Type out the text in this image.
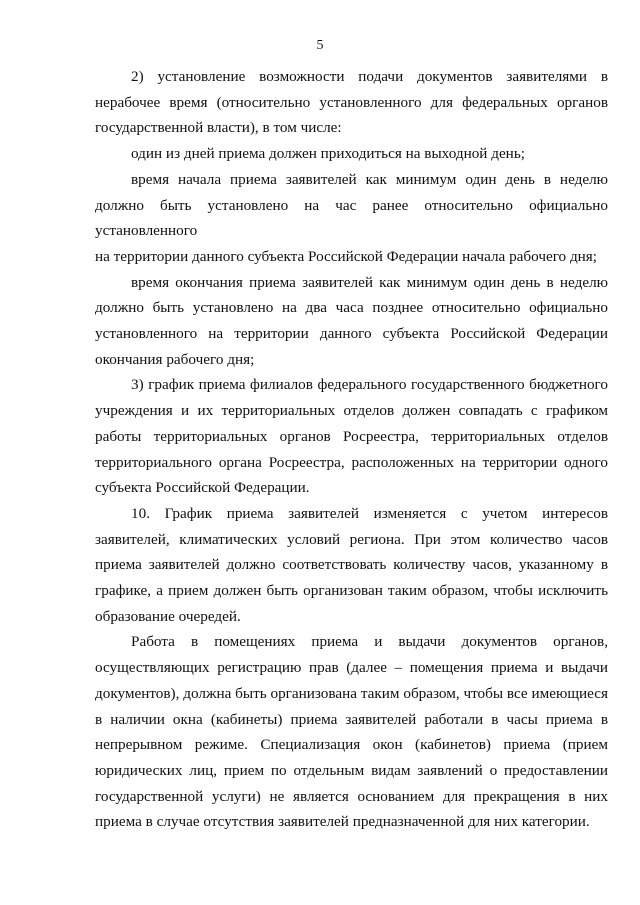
5

2) установление возможности подачи документов заявителями в нерабочее время (относительно установленного для федеральных органов государственной власти), в том числе:

один из дней приема должен приходиться на выходной день;

время начала приема заявителей как минимум один день в неделю должно быть установлено на час ранее относительно официально установленного

на территории данного субъекта Российской Федерации начала рабочего дня;

время окончания приема заявителей как минимум один день в неделю должно быть установлено на два часа позднее относительно официально установленного на территории данного субъекта Российской Федерации окончания рабочего дня;

3) график приема филиалов федерального государственного бюджетного учреждения и их территориальных отделов должен совпадать с графиком работы территориальных органов Росреестра, территориальных отделов территориального органа Росреестра, расположенных на территории одного субъекта Российской Федерации.

10. График приема заявителей изменяется с учетом интересов заявителей, климатических условий региона. При этом количество часов приема заявителей должно соответствовать количеству часов, указанному в графике, а прием должен быть организован таким образом, чтобы исключить образование очередей.

Работа в помещениях приема и выдачи документов органов, осуществляющих регистрацию прав (далее – помещения приема и выдачи документов), должна быть организована таким образом, чтобы все имеющиеся в наличии окна (кабинеты) приема заявителей работали в часы приема в непрерывном режиме. Специализация окон (кабинетов) приема (прием юридических лиц, прием по отдельным видам заявлений о предоставлении государственной услуги) не является основанием для прекращения в них приема в случае отсутствия заявителей предназначенной для них категории.
